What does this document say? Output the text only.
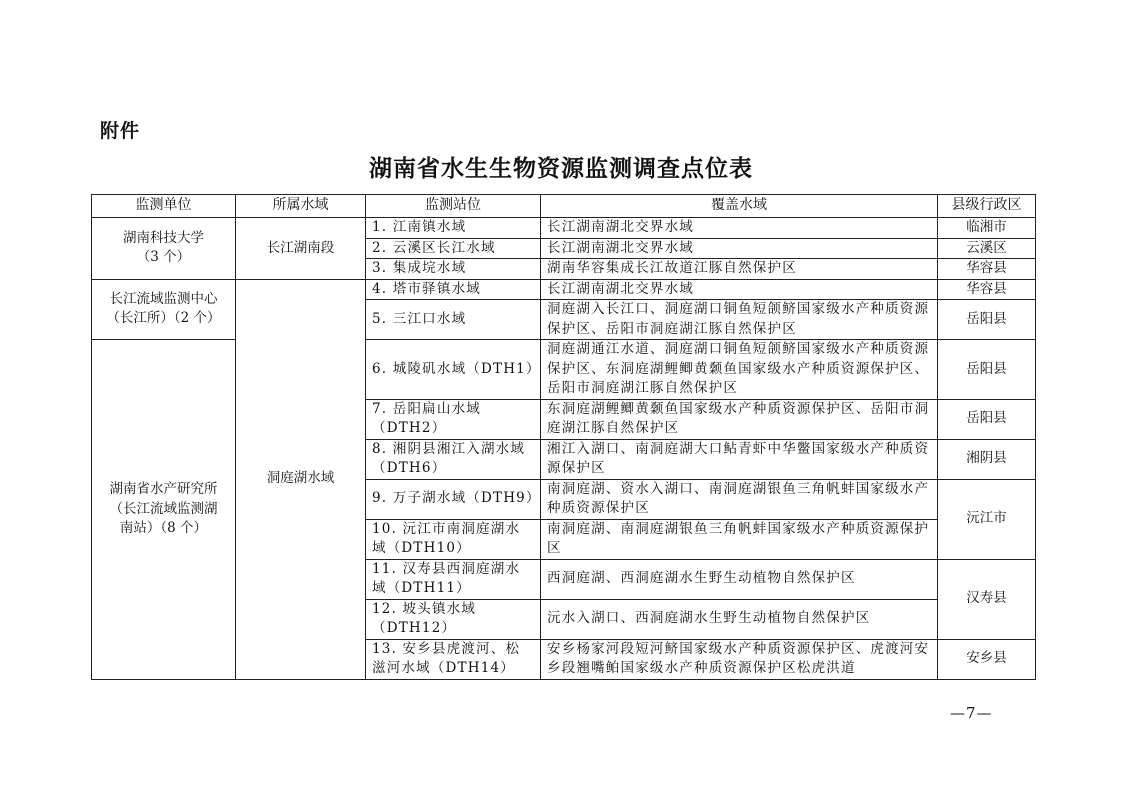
附件
湖南省水生生物资源监测调查点位表
监测单位	所属水域	监测站位	覆盖水域	县级行政区

湖南科技大学
（3 个）	长江湖南段	1. 江南镇水域	长江湖南湖北交界水域	临湘市
		2. 云溪区长江水域	长江湖南湖北交界水域	云溪区
		3. 集成垸水域	湖南华容集成长江故道江豚自然保护区	华容县

长江流域监测中心
（长江所）（2 个）	洞庭湖水域	4. 塔市驿镇水域	长江湖南湖北交界水域	华容县
		5. 三江口水域	洞庭湖入长江口、洞庭湖口铜鱼短颌鲚国家级水产种质资源保护区、岳阳市洞庭湖江豚自然保护区	岳阳县

湖南省水产研究所
（长江流域监测湖
南站）（8 个）		6. 城陵矶水域（DTH1）	洞庭湖通江水道、洞庭湖口铜鱼短颌鲚国家级水产种质资源保护区、东洞庭湖鲤鲫黄颡鱼国家级水产种质资源保护区、岳阳市洞庭湖江豚自然保护区	岳阳县
		7. 岳阳扁山水域（DTH2）	东洞庭湖鲤鲫黄颡鱼国家级水产种质资源保护区、岳阳市洞庭湖江豚自然保护区	岳阳县
		8. 湘阴县湘江入湖水域（DTH6）	湘江入湖口、南洞庭湖大口鲇青虾中华鳖国家级水产种质资源保护区	湘阴县
		9. 万子湖水域（DTH9）	南洞庭湖、资水入湖口、南洞庭湖银鱼三角帆蚌国家级水产种质资源保护区	沅江市
		10. 沅江市南洞庭湖水域（DTH10）	南洞庭湖、南洞庭湖银鱼三角帆蚌国家级水产种质资源保护区	
		11. 汉寿县西洞庭湖水域（DTH11）	西洞庭湖、西洞庭湖水生野生动植物自然保护区	汉寿县
		12. 坡头镇水域（DTH12）	沅水入湖口、西洞庭湖水生野生动植物自然保护区	
		13. 安乡县虎渡河、松滋河水域（DTH14）	安乡杨家河段短河鲚国家级水产种质资源保护区、虎渡河安乡段翘嘴鲌国家级水产种质资源保护区松虎洪道	安乡县
—7—
